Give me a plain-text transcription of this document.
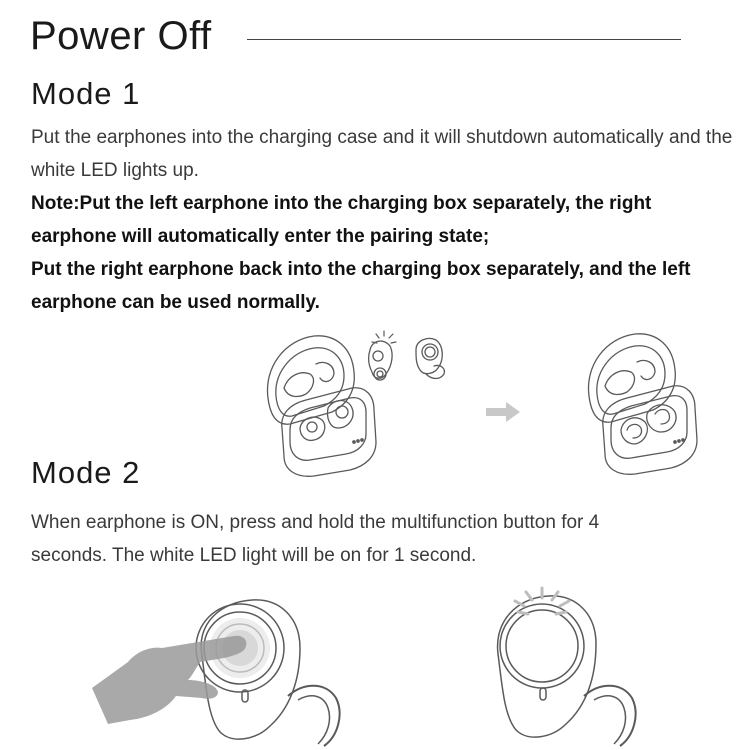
Power Off
Mode 1

Put the earphones into the charging case and it will shutdown automatically and the white LED lights up.

Note:Put the left earphone into the charging box separately, the right earphone will automatically enter the pairing state;

Put the right earphone back into the charging box separately, and the left earphone can be used normally.

Mode 2

When earphone is ON, press and hold the multifunction button for 4 seconds. The white LED light will be on for 1 second.
